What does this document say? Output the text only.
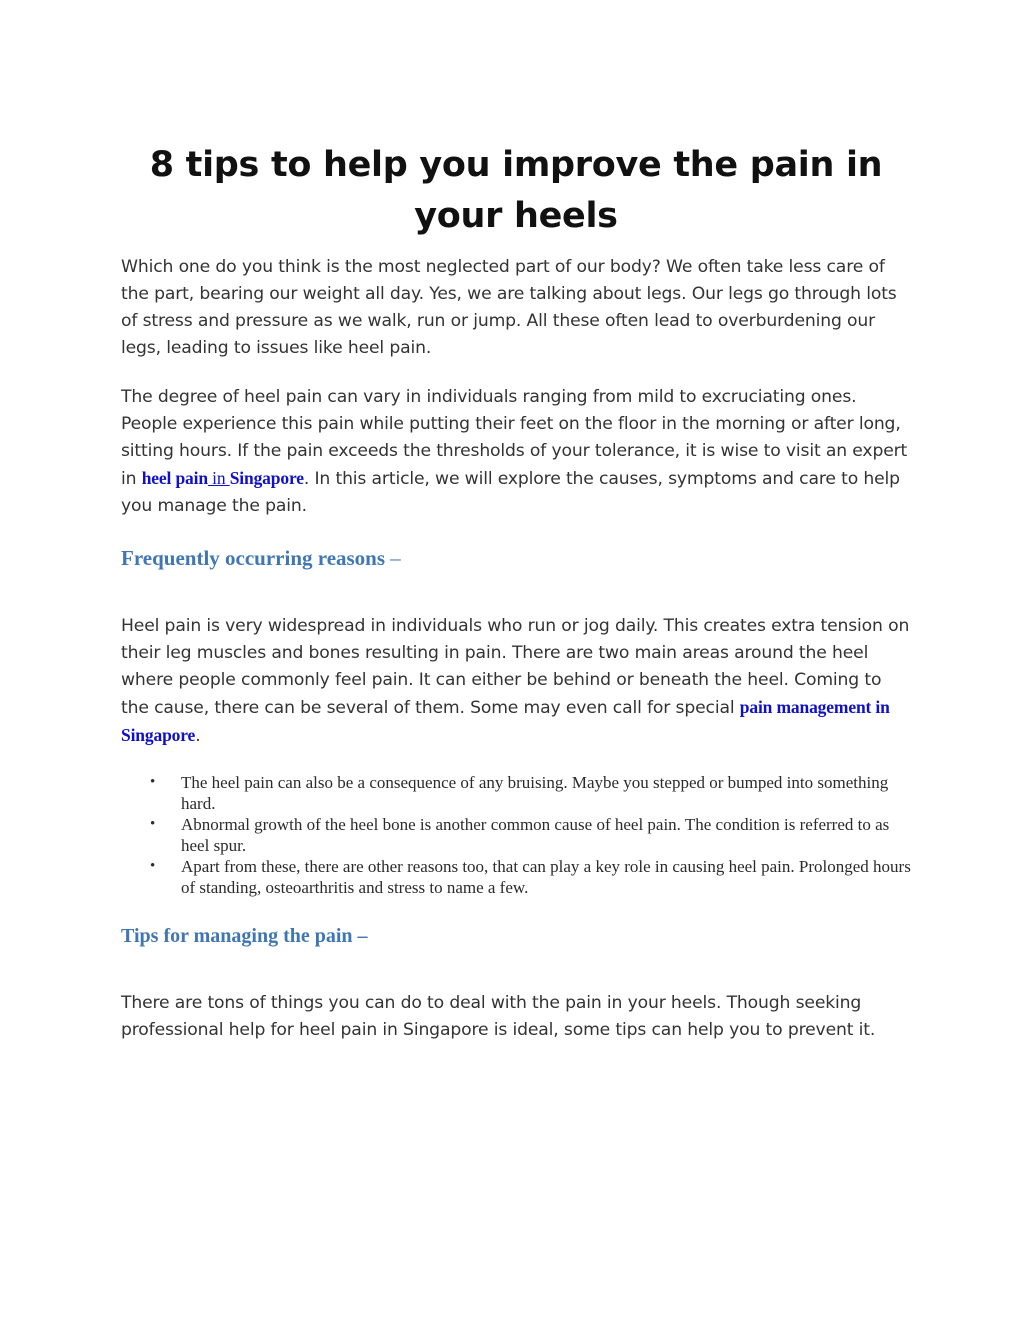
8 tips to help you improve the pain in your heels

Which one do you think is the most neglected part of our body? We often take less care of the part, bearing our weight all day. Yes, we are talking about legs. Our legs go through lots of stress and pressure as we walk, run or jump. All these often lead to overburdening our legs, leading to issues like heel pain.

The degree of heel pain can vary in individuals ranging from mild to excruciating ones. People experience this pain while putting their feet on the floor in the morning or after long, sitting hours. If the pain exceeds the thresholds of your tolerance, it is wise to visit an expert in heel pain in Singapore. In this article, we will explore the causes, symptoms and care to help you manage the pain.

Frequently occurring reasons –

Heel pain is very widespread in individuals who run or jog daily. This creates extra tension on their leg muscles and bones resulting in pain. There are two main areas around the heel where people commonly feel pain. It can either be behind or beneath the heel. Coming to the cause, there can be several of them. Some may even call for special pain management in Singapore.

• The heel pain can also be a consequence of any bruising. Maybe you stepped or bumped into something hard.
• Abnormal growth of the heel bone is another common cause of heel pain. The condition is referred to as heel spur.
• Apart from these, there are other reasons too, that can play a key role in causing heel pain. Prolonged hours of standing, osteoarthritis and stress to name a few.
Tips for managing the pain –

There are tons of things you can do to deal with the pain in your heels. Though seeking professional help for heel pain in Singapore is ideal, some tips can help you to prevent it.
